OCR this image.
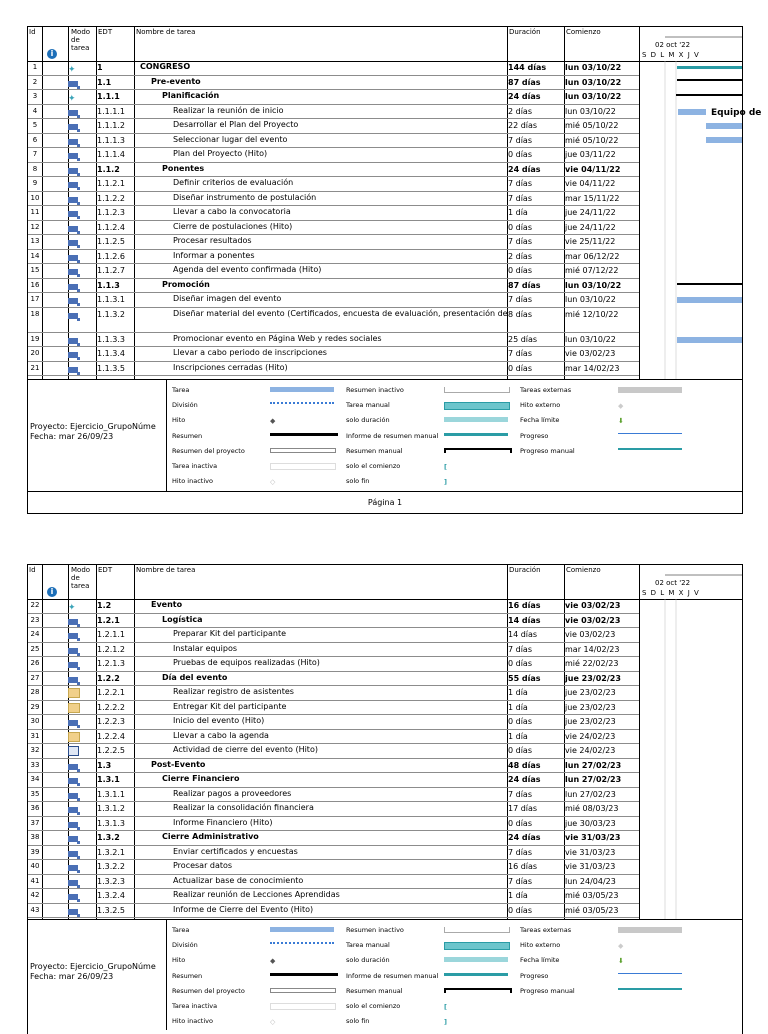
Id	Modo
de
tarea
i
EDT	Nombre de tarea	Duración	Comienzo
02 oct '22
S D L M X J V
1	✦	1	CONGRESO	144 días lun 03/10/22
2	1.1	Pre-evento	87 días	lun 03/10/22
3	✦	1.1.1	Planificación	24 días	lun 03/10/22
4	1.1.1.1	Realizar la reunión de inicio	2 días	lun 03/10/22
5	1.1.1.2	Desarrollar el Plan del Proyecto	22 días	mié 05/10/22
6	1.1.1.3	Seleccionar lugar del evento	7 días	mié 05/10/22
7	1.1.1.4	Plan del Proyecto (Hito)	0 días	jue 03/11/22
8	1.1.2	Ponentes	24 días	vie 04/11/22
9	1.1.2.1	Definir criterios de evaluación	7 días	vie 04/11/22
10	1.1.2.2	Diseñar instrumento de postulación	7 días	mar 15/11/22
11	1.1.2.3	Llevar a cabo la convocatoria	1 día	jue 24/11/22
12	1.1.2.4	Cierre de postulaciones (Hito)	0 días	jue 24/11/22
13	1.1.2.5	Procesar resultados	7 días	vie 25/11/22
14	1.1.2.6	Informar a ponentes	2 días	mar 06/12/22
15	1.1.2.7	Agenda del evento confirmada (Hito)	0 días	mié 07/12/22
16	1.1.3	Promoción	87 días	lun 03/10/22
17	1.1.3.1	Diseñar imagen del evento	7 días	lun 03/10/22
18	1.1.3.2	Diseñar material del evento (Certificados, encuesta de evaluación, presentación de 8 días	mié 12/10/22
19	1.1.3.3	Promocionar evento en Página Web y redes sociales	25 días	lun 03/10/22
20	1.1.3.4	Llevar a cabo periodo de inscripciones	7 días	vie 03/02/23
21	1.1.3.5	Inscripciones cerradas (Hito)	0 días	mar 14/02/23
Equipo de
Proyecto: Ejercicio_GrupoNúme
Fecha: mar 26/09/23
Tarea
División
Hito	◆
Resumen
Resumen del proyecto
Tarea inactiva
Hito inactivo	◇
Resumen inactivo
Tarea manual
solo duración
Informe de resumen manual
Resumen manual
solo el comienzo	[
solo fin	]
Tareas externas
Hito externo	◆
Fecha límite	⬇
Progreso
Progreso manual
Página 1
Id	Modo
de
tarea
i
EDT	Nombre de tarea	Duración	Comienzo
02 oct '22
S D L M X J V
22	✦	1.2	Evento	16 días	vie 03/02/23
23	1.2.1	Logística	14 días	vie 03/02/23
24	1.2.1.1	Preparar Kit del participante	14 días	vie 03/02/23
25	1.2.1.2	Instalar equipos	7 días	mar 14/02/23
26	1.2.1.3	Pruebas de equipos realizadas (Hito)	0 días	mié 22/02/23
27	1.2.2	Día del evento	55 días	jue 23/02/23
28	1.2.2.1	Realizar registro de asistentes	1 día	jue 23/02/23
29	1.2.2.2	Entregar Kit del participante	1 día	jue 23/02/23
30	1.2.2.3	Inicio del evento (Hito)	0 días	jue 23/02/23
31	1.2.2.4	Llevar a cabo la agenda	1 día	vie 24/02/23
32	1.2.2.5	Actividad de cierre del evento (Hito)	0 días	vie 24/02/23
33	1.3	Post-Evento	48 días	lun 27/02/23
34	1.3.1	Cierre Financiero	24 días	lun 27/02/23
35	1.3.1.1	Realizar pagos a proveedores	7 días	lun 27/02/23
36	1.3.1.2	Realizar la consolidación financiera	17 días	mié 08/03/23
37	1.3.1.3	Informe Financiero (Hito)	0 días	jue 30/03/23
38	1.3.2	Cierre Administrativo	24 días	vie 31/03/23
39	1.3.2.1	Enviar certificados y encuestas	7 días	vie 31/03/23
40	1.3.2.2	Procesar datos	16 días	vie 31/03/23
41	1.3.2.3	Actualizar base de conocimiento	7 días	lun 24/04/23
42	1.3.2.4	Realizar reunión de Lecciones Aprendidas	1 día	mié 03/05/23
43	1.3.2.5	Informe de Cierre del Evento (Hito)	0 días	mié 03/05/23
Proyecto: Ejercicio_GrupoNúme
Fecha: mar 26/09/23
Tarea
División
Hito	◆
Resumen
Resumen del proyecto
Tarea inactiva
Hito inactivo	◇
Resumen inactivo
Tarea manual
solo duración
Informe de resumen manual
Resumen manual
solo el comienzo	[
solo fin	]
Tareas externas
Hito externo	◆
Fecha límite	⬇
Progreso
Progreso manual
